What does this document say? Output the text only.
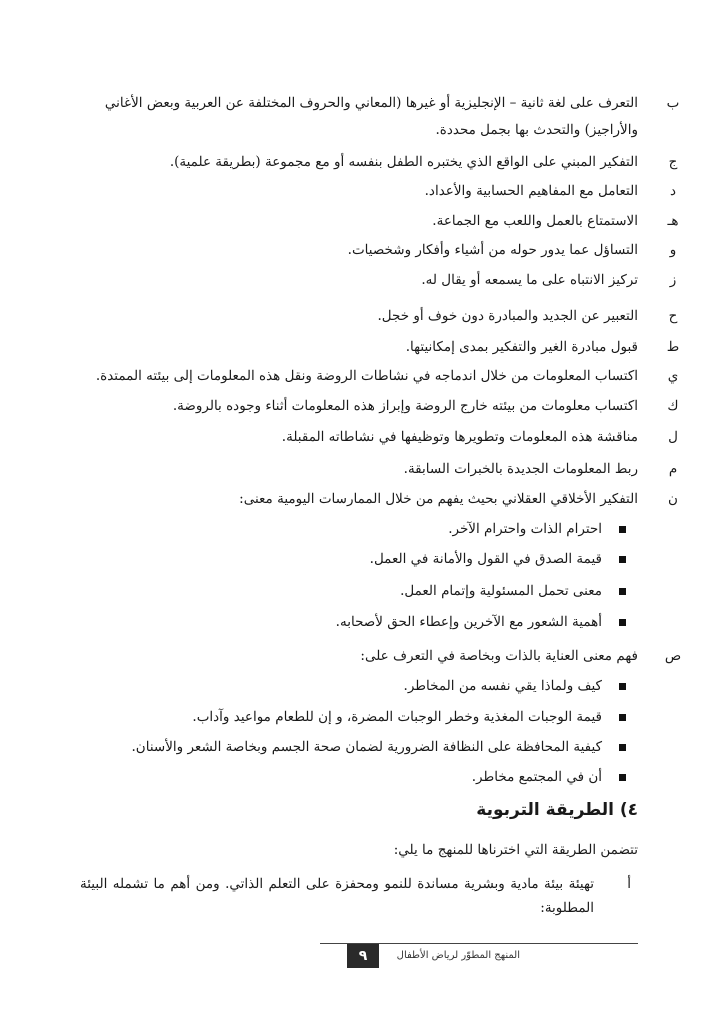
ب
التعرف على لغة ثانية – الإنجليزية أو غيرها (المعاني والحروف المختلفة عن العربية وبعض الأغاني
والأراجيز) والتحدث بها بجمل محددة.
ج
التفكير المبني على الواقع الذي يختبره الطفل بنفسه أو مع مجموعة (بطريقة علمية).
د
التعامل مع المفاهيم الحسابية والأعداد.
هـ
الاستمتاع بالعمل واللعب مع الجماعة.
و
التساؤل عما يدور حوله من أشياء وأفكار وشخصيات.
ز
تركيز الانتباه على ما يسمعه أو يقال له.
ح
التعبير عن الجديد والمبادرة دون خوف أو خجل.
ط
قبول مبادرة الغير والتفكير بمدى إمكانيتها.
ي
اكتساب المعلومات من خلال اندماجه في نشاطات الروضة ونقل هذه المعلومات إلى بيئته الممتدة.
ك
اكتساب معلومات من بيئته خارج الروضة وإبراز هذه المعلومات أثناء وجوده بالروضة.
ل
مناقشة هذه المعلومات وتطويرها وتوظيفها في نشاطاته المقبلة.
م
ربط المعلومات الجديدة بالخبرات السابقة.
ن
التفكير الأخلاقي العقلاني بحيث يفهم من خلال الممارسات اليومية معنى:
احترام الذات واحترام الآخر.
قيمة الصدق في القول والأمانة في العمل.
معنى تحمل المسئولية وإتمام العمل.
أهمية الشعور مع الآخرين وإعطاء الحق لأصحابه.
ص
فهم معنى العناية بالذات وبخاصة في التعرف على:
كيف ولماذا يقي نفسه من المخاطر.
قيمة الوجبات المغذية وخطر الوجبات المضرة، و إن للطعام مواعيد وآداب.
كيفية المحافظة على النظافة الضرورية لضمان صحة الجسم وبخاصة الشعر والأسنان.
أن في المجتمع مخاطر.
٤) الطريقة التربوية
تتضمن الطريقة التي اخترناها للمنهج ما يلي:
أ
تهيئة بيئة مادية وبشرية مساندة للنمو ومحفزة على التعلم الذاتي. ومن أهم ما تشمله البيئة المطلوبة:
٩	المنهج المطوّر لرياض الأطفال
